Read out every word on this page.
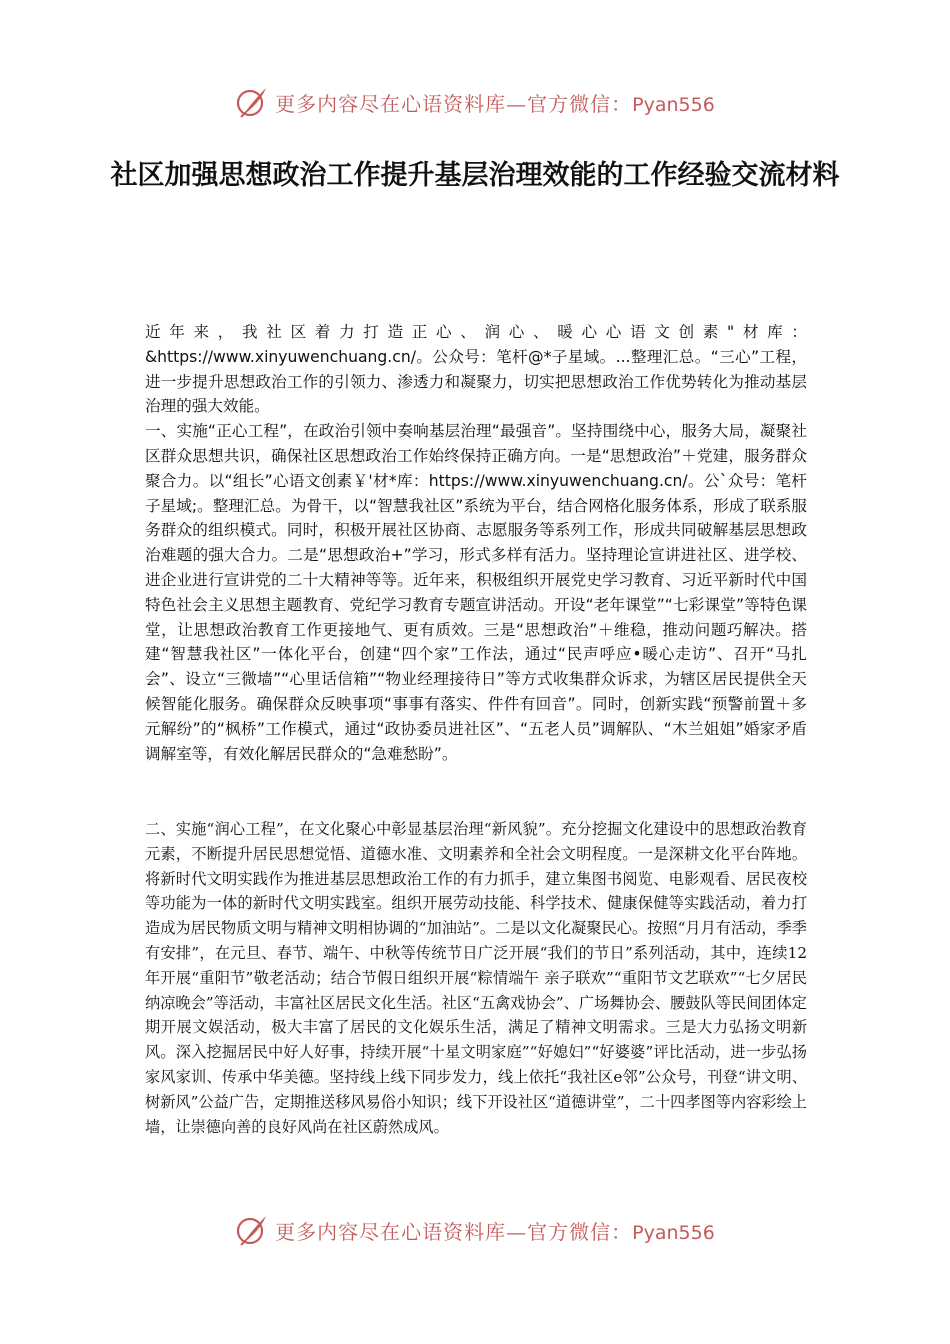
更多内容尽在心语资料库—官方微信：Pyan556
社区加强思想政治工作提升基层治理效能的工作经验交流材料

近年来，我社区着力打造正心、润心、暖心心语文创素"材库：&https://www.xinyuwenchuang.cn/。公众号：笔杆@*子星域。...整理汇总。“三心”工程，进一步提升思想政治工作的引领力、渗透力和凝聚力，切实把思想政治工作优势转化为推动基层治理的强大效能。

一、实施“正心工程”，在政治引领中奏响基层治理“最强音”。坚持围绕中心，服务大局，凝聚社区群众思想共识，确保社区思想政治工作始终保持正确方向。一是“思想政治”＋党建，服务群众聚合力。以“组长”心语文创素￥'材*库：https://www.xinyuwenchuang.cn/。公`众号：笔杆子星域;。整理汇总。为骨干，以“智慧我社区”系统为平台，结合网格化服务体系，形成了联系服务群众的组织模式。同时，积极开展社区协商、志愿服务等系列工作，形成共同破解基层思想政治难题的强大合力。二是“思想政治+”学习，形式多样有活力。坚持理论宣讲进社区、进学校、进企业进行宣讲党的二十大精神等等。近年来，积极组织开展党史学习教育、习近平新时代中国特色社会主义思想主题教育、党纪学习教育专题宣讲活动。开设“老年课堂”“七彩课堂”等特色课堂，让思想政治教育工作更接地气、更有质效。三是“思想政治”＋维稳，推动问题巧解决。搭建“智慧我社区”一体化平台，创建“四个家”工作法，通过“民声呼应•暖心走访”、召开“马扎会”、设立“三微墙”“心里话信箱”“物业经理接待日”等方式收集群众诉求，为辖区居民提供全天候智能化服务。确保群众反映事项“事事有落实、件件有回音”。同时，创新实践“预警前置＋多元解纷”的“枫桥”工作模式，通过“政协委员进社区”、“五老人员”调解队、“木兰姐姐”婚家矛盾调解室等，有效化解居民群众的“急难愁盼”。

二、实施“润心工程”，在文化聚心中彰显基层治理“新风貌”。充分挖掘文化建设中的思想政治教育元素，不断提升居民思想觉悟、道德水准、文明素养和全社会文明程度。一是深耕文化平台阵地。将新时代文明实践作为推进基层思想政治工作的有力抓手，建立集图书阅览、电影观看、居民夜校等功能为一体的新时代文明实践室。组织开展劳动技能、科学技术、健康保健等实践活动，着力打造成为居民物质文明与精神文明相协调的“加油站”。二是以文化凝聚民心。按照“月月有活动，季季有安排”，在元旦、春节、端午、中秋等传统节日广泛开展“我们的节日”系列活动，其中，连续12年开展“重阳节”敬老活动；结合节假日组织开展“粽情端午 亲子联欢”“重阳节文艺联欢”“七夕居民纳凉晚会”等活动，丰富社区居民文化生活。社区“五禽戏协会”、广场舞协会、腰鼓队等民间团体定期开展文娱活动，极大丰富了居民的文化娱乐生活，满足了精神文明需求。三是大力弘扬文明新风。深入挖掘居民中好人好事，持续开展“十星文明家庭”“好媳妇”“好婆婆”评比活动，进一步弘扬家风家训、传承中华美德。坚持线上线下同步发力，线上依托“我社区e邻”公众号，刊登“讲文明、树新风”公益广告，定期推送移风易俗小知识；线下开设社区“道德讲堂”，二十四孝图等内容彩绘上墙，让崇德向善的良好风尚在社区蔚然成风。

更多内容尽在心语资料库—官方微信：Pyan556
